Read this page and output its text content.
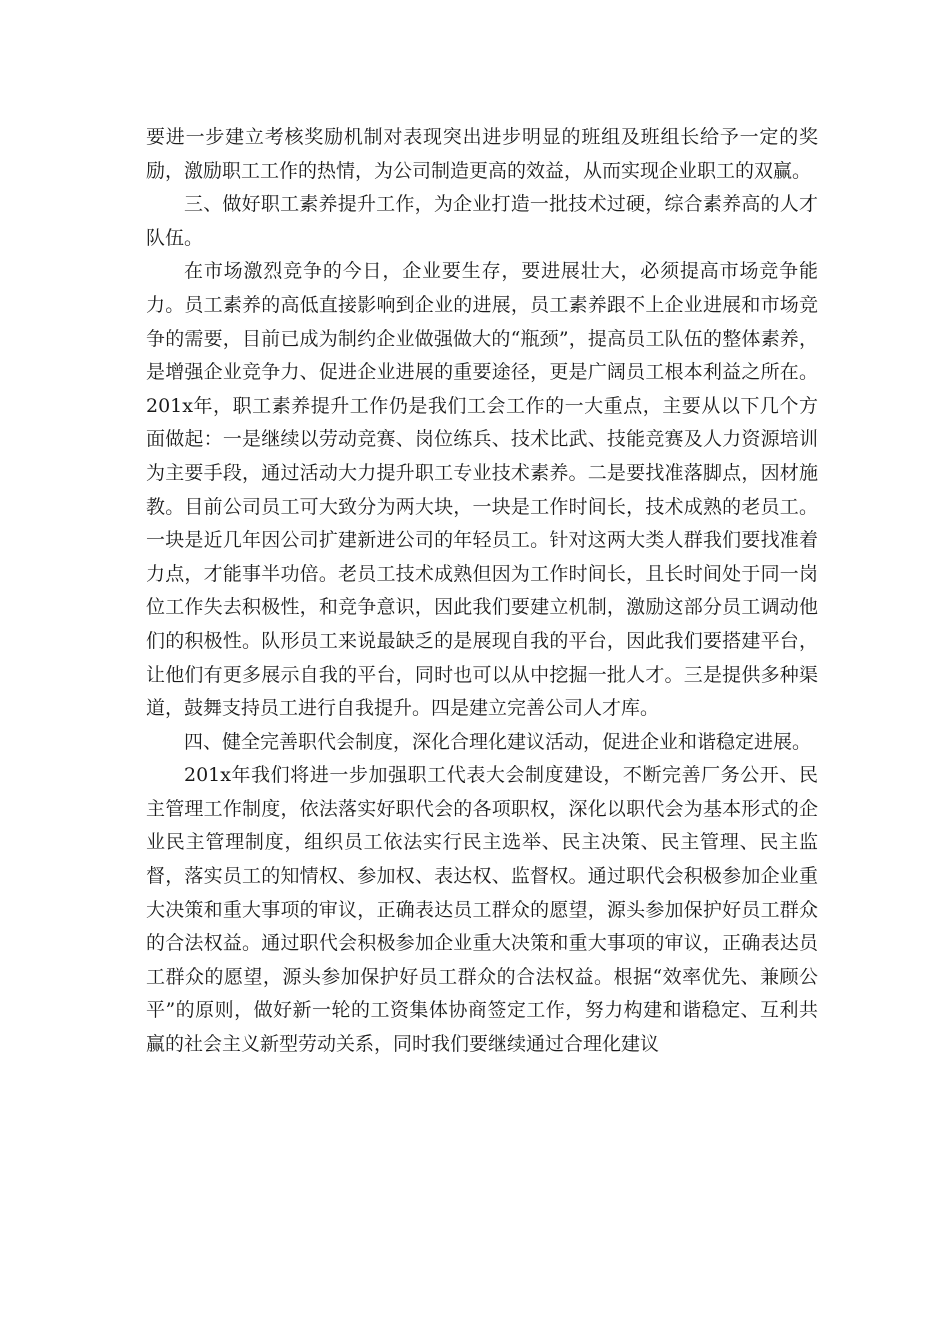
要进一步建立考核奖励机制对表现突出进步明显的班组及班组长给予一定的奖励，激励职工工作的热情，为公司制造更高的效益，从而实现企业职工的双赢。

三、做好职工素养提升工作，为企业打造一批技术过硬，综合素养高的人才队伍。

在市场激烈竞争的今日，企业要生存，要进展壮大，必须提高市场竞争能力。员工素养的高低直接影响到企业的进展，员工素养跟不上企业进展和市场竞争的需要，目前已成为制约企业做强做大的“瓶颈”，提高员工队伍的整体素养，是增强企业竞争力、促进企业进展的重要途径，更是广阔员工根本利益之所在。201x年，职工素养提升工作仍是我们工会工作的一大重点，主要从以下几个方面做起：一是继续以劳动竞赛、岗位练兵、技术比武、技能竞赛及人力资源培训为主要手段，通过活动大力提升职工专业技术素养。二是要找准落脚点，因材施教。目前公司员工可大致分为两大块，一块是工作时间长，技术成熟的老员工。一块是近几年因公司扩建新进公司的年轻员工。针对这两大类人群我们要找准着力点，才能事半功倍。老员工技术成熟但因为工作时间长，且长时间处于同一岗位工作失去积极性，和竞争意识，因此我们要建立机制，激励这部分员工调动他们的积极性。队形员工来说最缺乏的是展现自我的平台，因此我们要搭建平台，让他们有更多展示自我的平台，同时也可以从中挖掘一批人才。三是提供多种渠道，鼓舞支持员工进行自我提升。四是建立完善公司人才库。

四、健全完善职代会制度，深化合理化建议活动，促进企业和谐稳定进展。

201x年我们将进一步加强职工代表大会制度建设，不断完善厂务公开、民主管理工作制度，依法落实好职代会的各项职权，深化以职代会为基本形式的企业民主管理制度，组织员工依法实行民主选举、民主决策、民主管理、民主监督，落实员工的知情权、参加权、表达权、监督权。通过职代会积极参加企业重大决策和重大事项的审议，正确表达员工群众的愿望，源头参加保护好员工群众的合法权益。通过职代会积极参加企业重大决策和重大事项的审议，正确表达员工群众的愿望，源头参加保护好员工群众的合法权益。根据“效率优先、兼顾公平”的原则，做好新一轮的工资集体协商签定工作，努力构建和谐稳定、互利共赢的社会主义新型劳动关系，同时我们要继续通过合理化建议
